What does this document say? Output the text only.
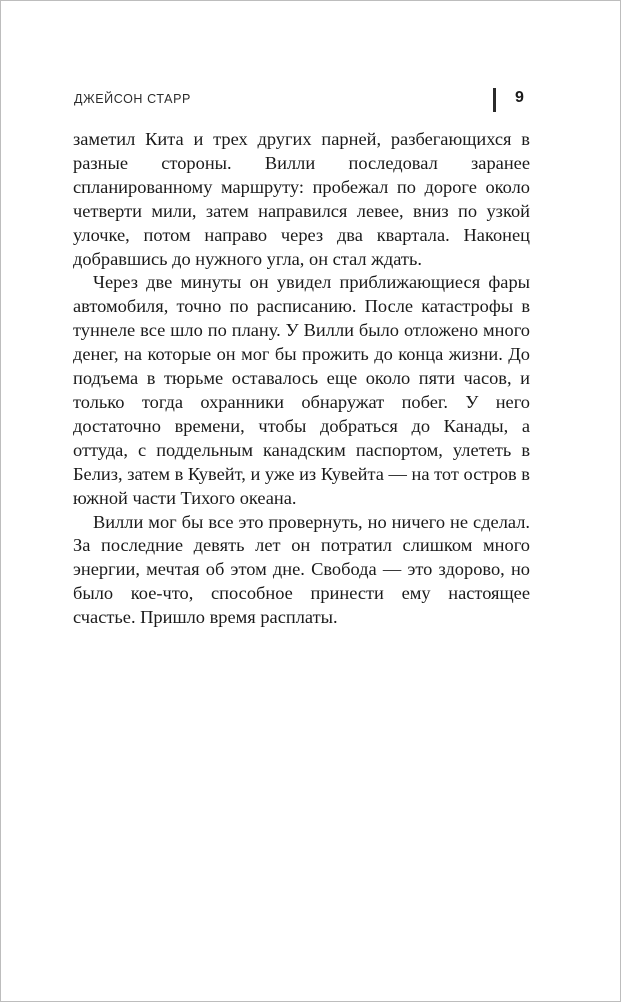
ДЖЕЙСОН СТАРР	9

заметил Кита и трех других парней, разбегающихся в разные стороны. Вилли последовал заранее спланированному маршруту: пробежал по дороге около четверти мили, затем направился левее, вниз по узкой улочке, потом направо через два квартала. Наконец добравшись до нужного угла, он стал ждать.

Через две минуты он увидел приближающиеся фары автомобиля, точно по расписанию. После катастрофы в туннеле все шло по плану. У Вилли было отложено много денег, на которые он мог бы прожить до конца жизни. До подъема в тюрьме оставалось еще около пяти часов, и только тогда охранники обнаружат побег. У него достаточно времени, чтобы добраться до Канады, а оттуда, с поддельным канадским паспортом, улететь в Белиз, затем в Кувейт, и уже из Кувейта — на тот остров в южной части Тихого океана.

Вилли мог бы все это провернуть, но ничего не сделал. За последние девять лет он потратил слишком много энергии, мечтая об этом дне. Свобода — это здорово, но было кое-что, способное принести ему настоящее счастье. Пришло время расплаты.
